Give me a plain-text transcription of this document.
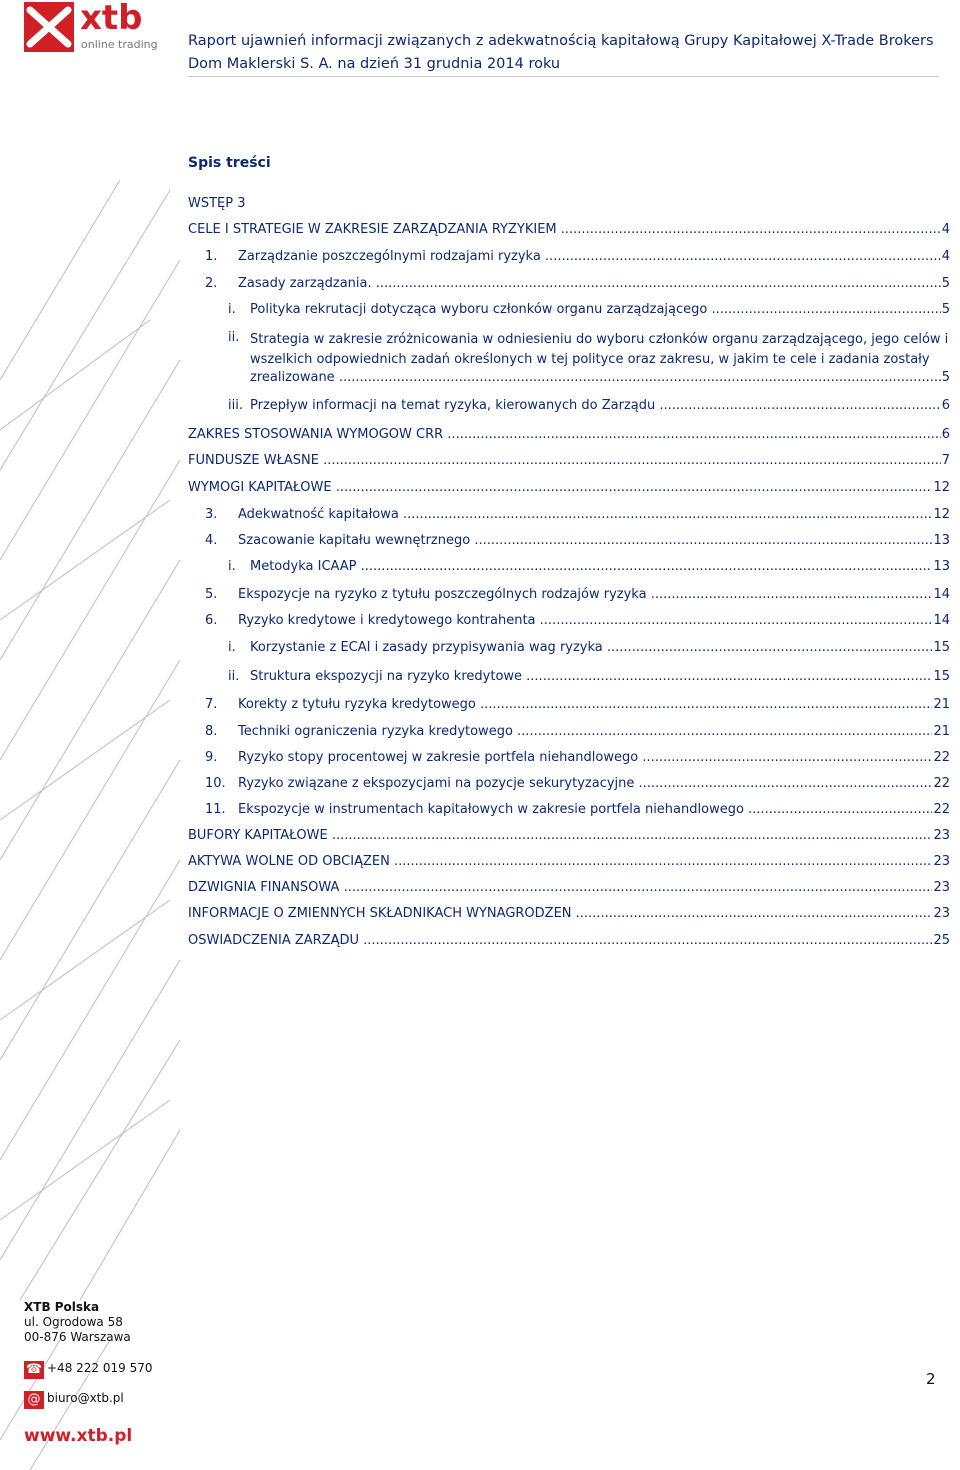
xtb
online trading Raport ujawnień informacji związanych z adekwatnością kapitałową Grupy Kapitałowej X-Trade Brokers
Dom Maklerski S. A. na dzień 31 grudnia 2014 roku
Spis treści
WSTĘP 3
CELE I STRATEGIE W ZAKRESIE ZARZĄDZANIA RYZYKIEM .....	4
1. Zarządzanie poszczególnymi rodzajami ryzyka .....	4
2. Zasady zarządzania. .....	5
i. Polityka rekrutacji dotycząca wyboru członków organu zarządzającego .....	5
ii. Strategia w zakresie zróżnicowania w odniesieniu do wyboru członków organu zarządzającego, jego celów i wszelkich odpowiednich zadań określonych w tej polityce oraz zakresu, w jakim te cele i zadania zostały
zrealizowane .....	5
iii. Przepływ informacji na temat ryzyka, kierowanych do Zarządu .....	6
ZAKRES STOSOWANIA WYMOGÓW CRR .....	6
FUNDUSZE WŁASNE .....	7
WYMOGI KAPITAŁOWE .....	12
3. Adekwatność kapitałowa .....	12
4. Szacowanie kapitału wewnętrznego .....	13
i. Metodyka ICAAP .....	13
5. Ekspozycje na ryzyko z tytułu poszczególnych rodzajów ryzyka .....	14
6. Ryzyko kredytowe i kredytowego kontrahenta .....	14
i. Korzystanie z ECAI i zasady przypisywania wag ryzyka .....	15
ii. Struktura ekspozycji na ryzyko kredytowe .....	15
7. Korekty z tytułu ryzyka kredytowego .....	21
8. Techniki ograniczenia ryzyka kredytowego .....	21
9. Ryzyko stopy procentowej w zakresie portfela niehandlowego .....	22
10. Ryzyko związane z ekspozycjami na pozycje sekurytyzacyjne .....	22
11. Ekspozycje w instrumentach kapitałowych w zakresie portfela niehandlowego .....	22
BUFORY KAPITAŁOWE .....	23
AKTYWA WOLNE OD OBCIĄŻEŃ .....	23
DŹWIGNIA FINANSOWA .....	23
INFORMACJE O ZMIENNYCH SKŁADNIKACH WYNAGRODZEŃ .....	23
OŚWIADCZENIA ZARZĄDU .....	25
XTB Polska
ul. Ogrodowa 58
00-876 Warszawa
☎ +48 222 019 570
@ biuro@xtb.pl
www.xtb.pl
2
